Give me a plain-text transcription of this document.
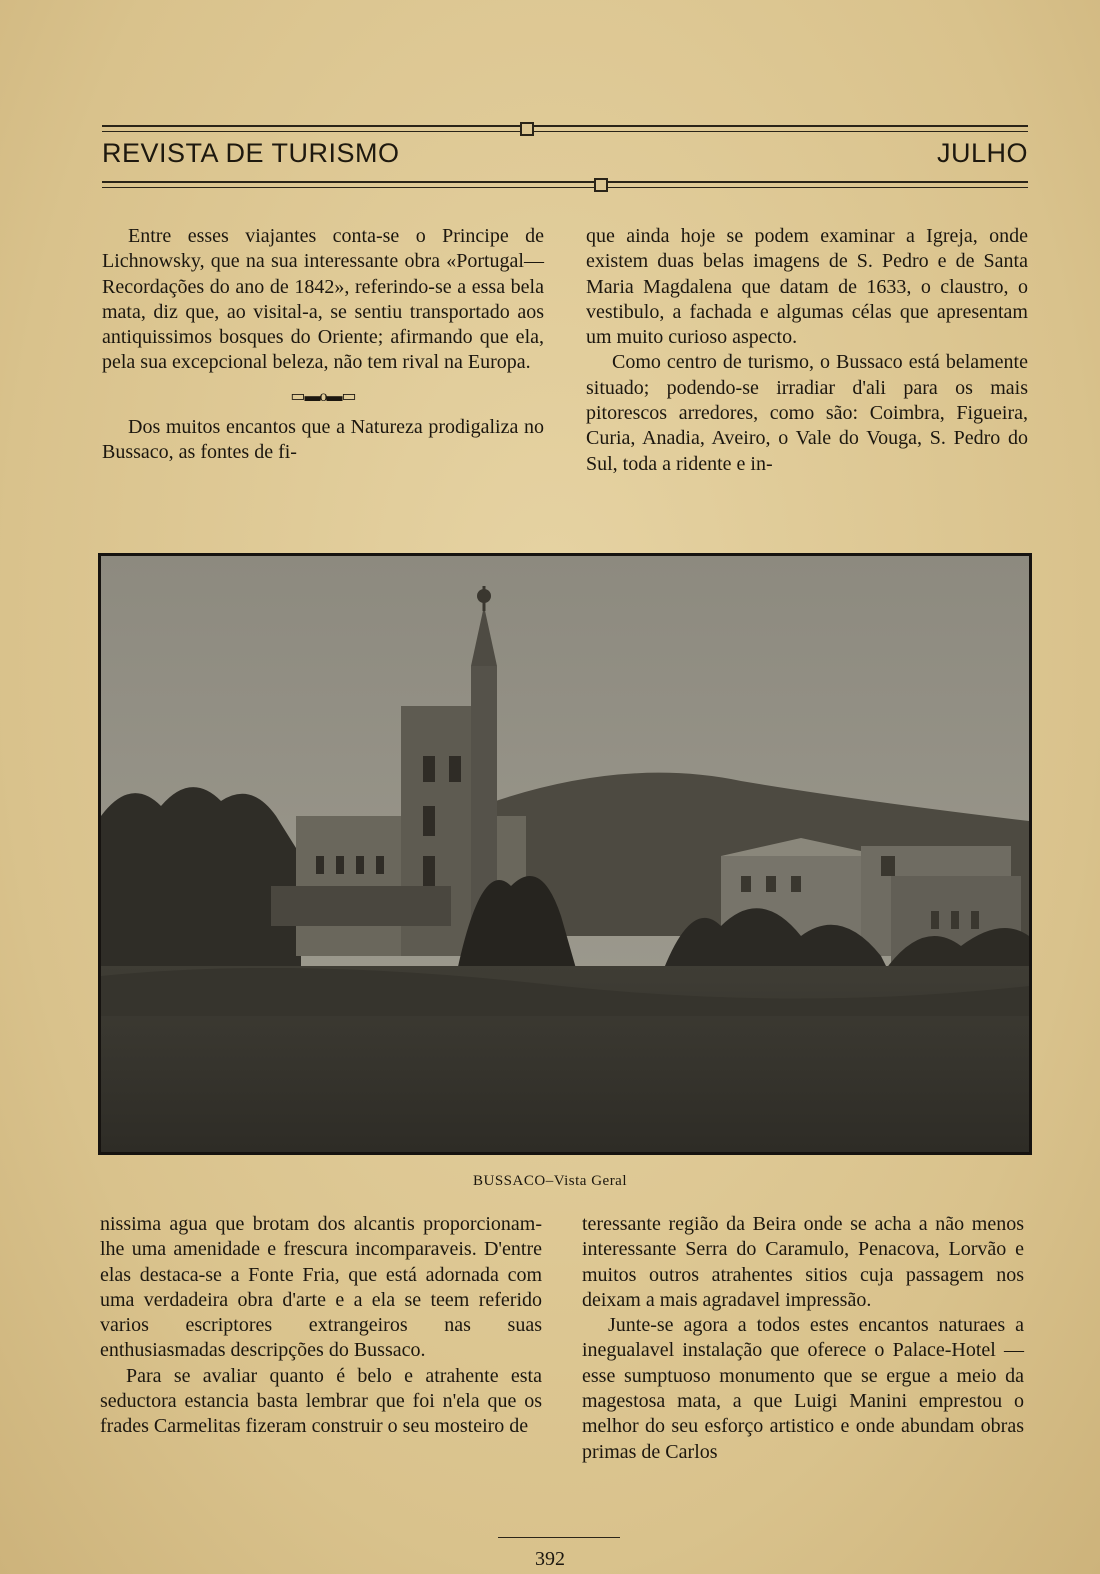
REVISTA DE TURISMO	JULHO

Entre esses viajantes conta-se o Principe de Lichnowsky, que na sua interessante obra «Portugal—Recordações do ano de 1842», referindo-se a essa bela mata, diz que, ao visital-a, se sentiu transportado aos antiquissimos bosques do Oriente; afirmando que ela, pela sua excepcional beleza, não tem rival na Europa.

▭▬o▬▭

Dos muitos encantos que a Natureza prodigaliza no Bussaco, as fontes de fi-

que ainda hoje se podem examinar a Igreja, onde existem duas belas imagens de S. Pedro e de Santa Maria Magdalena que datam de 1633, o claustro, o vestibulo, a fachada e algumas célas que apresentam um muito curioso aspecto.

Como centro de turismo, o Bussaco está belamente situado; podendo-se irradiar d'ali para os mais pitorescos arredores, como são: Coimbra, Figueira, Curia, Anadia, Aveiro, o Vale do Vouga, S. Pedro do Sul, toda a ridente e in-

BUSSACO–Vista Geral

nissima agua que brotam dos alcantis proporcionam-lhe uma amenidade e frescura incomparaveis. D'entre elas destaca-se a Fonte Fria, que está adornada com uma verdadeira obra d'arte e a ela se teem referido varios escriptores extrangeiros nas suas enthusiasmadas descripções do Bussaco.

Para se avaliar quanto é belo e atrahente esta seductora estancia basta lembrar que foi n'ela que os frades Carmelitas fizeram construir o seu mosteiro de

teressante região da Beira onde se acha a não menos interessante Serra do Caramulo, Penacova, Lorvão e muitos outros atrahentes sitios cuja passagem nos deixam a mais agradavel impressão.

Junte-se agora a todos estes encantos naturaes a inegualavel instalação que oferece o Palace-Hotel — esse sumptuoso monumento que se ergue a meio da magestosa mata, a que Luigi Manini emprestou o melhor do seu esforço artistico e onde abundam obras primas de Carlos

392
